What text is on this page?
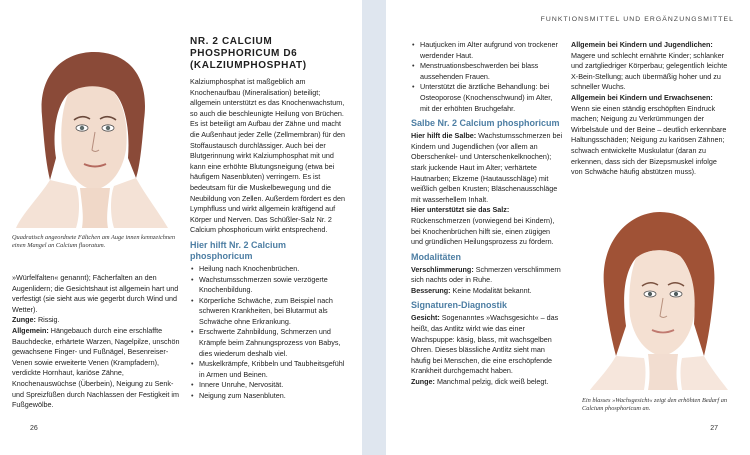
Quadratisch angeordnete Fältchen am Auge innen kennzeichnen einen Mangel an Calcium fluoratum.

»Würfelfalten« genannt); Fächerfalten an den Augenlidern; die Gesichtshaut ist allgemein hart und verfestigt (sie sieht aus wie gegerbt durch Wind und Wetter).

Zunge: Rissig.

Allgemein: Hängebauch durch eine erschlaffte Bauchdecke, erhärtete Warzen, Nagelpilze, unschön gewachsene Finger- und Fußnägel, Besenreiser-Venen sowie erweiterte Venen (Krampfadern), verdickte Hornhaut, kariöse Zähne, Knochenauswüchse (Überbein), Neigung zu Senk- und Spreizfüßen durch Nachlassen der Festigkeit im Fußgewölbe.

NR. 2 CALCIUM PHOSPHORICUM D6 (KALZIUMPHOSPHAT)

Kalziumphosphat ist maßgeblich am Knochenaufbau (Mineralisation) beteiligt; allgemein unterstützt es das Knochenwachstum, so auch die beschleunigte Heilung von Brüchen. Es ist beteiligt am Aufbau der Zähne und macht die Außenhaut jeder Zelle (Zellmembran) für den Stoffaustausch durchlässiger. Auch bei der Blutgerinnung wirkt Kalziumphosphat mit und kann eine erhöhte Blutungsneigung (etwa bei häufigem Nasenbluten) verringern. Es ist bedeutsam für die Muskelbewegung und die Neubildung von Zellen. Außerdem fördert es den Lymphfluss und wirkt allgemein kräftigend auf Körper und Nerven. Das Schüßler-Salz Nr. 2 Calcium phosphoricum wirkt entsprechend.

Hier hilft Nr. 2 Calcium phosphoricum
• Heilung nach Knochenbrüchen.
• Wachstumsschmerzen sowie verzögerte Knochenbildung.
• Körperliche Schwäche, zum Beispiel nach schweren Krankheiten, bei Blutarmut als Schwäche ohne Erkrankung.
• Erschwerte Zahnbildung, Schmerzen und Krämpfe beim Zahnungsprozess von Babys, dies wiederum deshalb viel.
• Muskelkrämpfe, Kribbeln und Taubheitsgefühl in Armen und Beinen.
• Innere Unruhe, Nervosität.
• Neigung zum Nasenbluten.
26
FUNKTIONSMITTEL UND ERGÄNZUNGSMITTEL
• Hautjucken im Alter aufgrund von trockener werdender Haut.
• Menstruationsbeschwerden bei blass aussehenden Frauen.
• Unterstützt die ärztliche Behandlung: bei Osteoporose (Knochenschwund) im Alter, mit der erhöhten Bruchgefahr.
Salbe Nr. 2 Calcium phosphoricum

Hier hilft die Salbe: Wachstumsschmerzen bei Kindern und Jugendlichen (vor allem an Oberschenkel- und Unterschenkelknochen); stark juckende Haut im Alter; verhärtete Hautnarben; Ekzeme (Hautausschläge) mit weißlich gelben Krusten; Bläschenausschläge mit wasserhellem Inhalt.

Hier unterstützt sie das Salz: Rückenschmerzen (vorwiegend bei Kindern), bei Knochenbrüchen hilft sie, einen zügigen und gründlichen Heilungsprozess zu fördern.

Modalitäten

Verschlimmerung: Schmerzen verschlimmern sich nachts oder in Ruhe.

Besserung: Keine Modalität bekannt.

Signaturen-Diagnostik

Gesicht: Sogenanntes »Wachsgesicht« – das heißt, das Antlitz wirkt wie das einer Wachspuppe: käsig, blass, mit wachsgelben Ohren. Dieses blässliche Antlitz sieht man häufig bei Menschen, die eine erschöpfende Krankheit durchgemacht haben.

Zunge: Manchmal pelzig, dick weiß belegt.

Allgemein bei Kindern und Jugendlichen: Magere und schlecht ernährte Kinder; schlanker und zartgliedriger Körperbau; gelegentlich leichte X-Bein-Stellung; auch übermäßig hoher und zu schneller Wuchs.

Allgemein bei Kindern und Erwachsenen: Wenn sie einen ständig erschöpften Eindruck machen; Neigung zu Verkrümmungen der Wirbelsäule und der Beine – deutlich erkennbare Haltungsschäden; Neigung zu kariösen Zähnen; schwach entwickelte Muskulatur (daran zu erkennen, dass sich der Bizepsmuskel infolge von Schwäche häufig abstützen muss).

Ein blasses »Wachsgesicht« zeigt den erhöhten Bedarf an Calcium phosphoricum an.
27
